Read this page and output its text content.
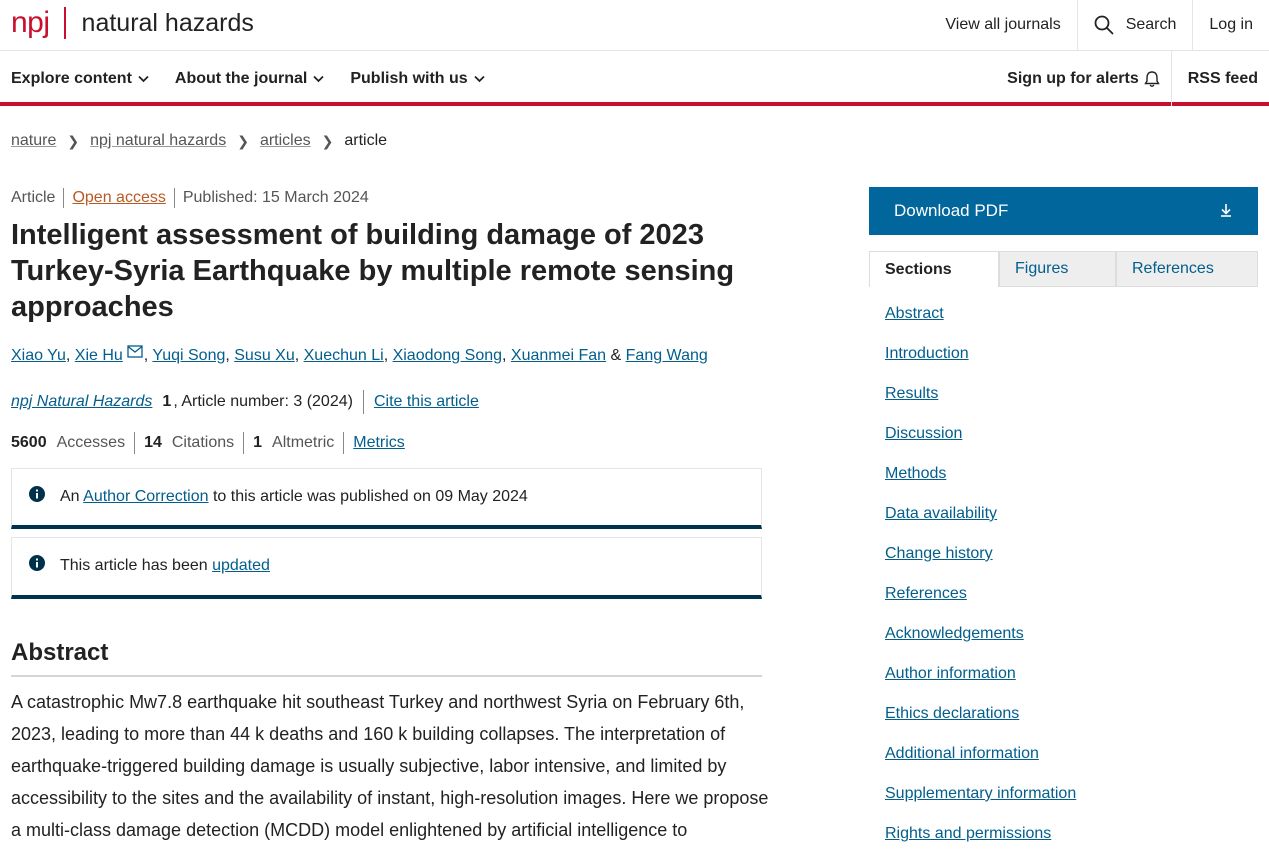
npj natural hazards	View all journals	Search Log in
Explore content	About the journal	Publish with us	Sign up for alerts	RSS feed
nature ❯ npj natural hazards ❯ articles ❯ article
Article Open access Published: 15 March 2024
Intelligent assessment of building damage of 2023 Turkey-Syria Earthquake by multiple remote sensing approaches
Xiao Yu, Xie Hu , Yuqi Song, Susu Xu, Xuechun Li, Xiaodong Song, Xuanmei Fan & Fang Wang
npj Natural Hazards 1 , Article number: 3 (2024) Cite this article
5600 Accesses 14 Citations 1 Altmetric Metrics
An Author Correction to this article was published on 09 May 2024
This article has been updated
Abstract

A catastrophic Mw7.8 earthquake hit southeast Turkey and northwest Syria on February 6th, 2023, leading to more than 44 k deaths and 160 k building collapses. The interpretation of earthquake-triggered building damage is usually subjective, labor intensive, and limited by accessibility to the sites and the availability of instant, high-resolution images. Here we propose a multi-class damage detection (MCDD) model enlightened by artificial intelligence to

Download PDF
Sections	Figures	References
Abstract
Introduction
Results
Discussion
Methods
Data availability
Change history
References
Acknowledgements
Author information
Ethics declarations
Additional information
Supplementary information
Rights and permissions
